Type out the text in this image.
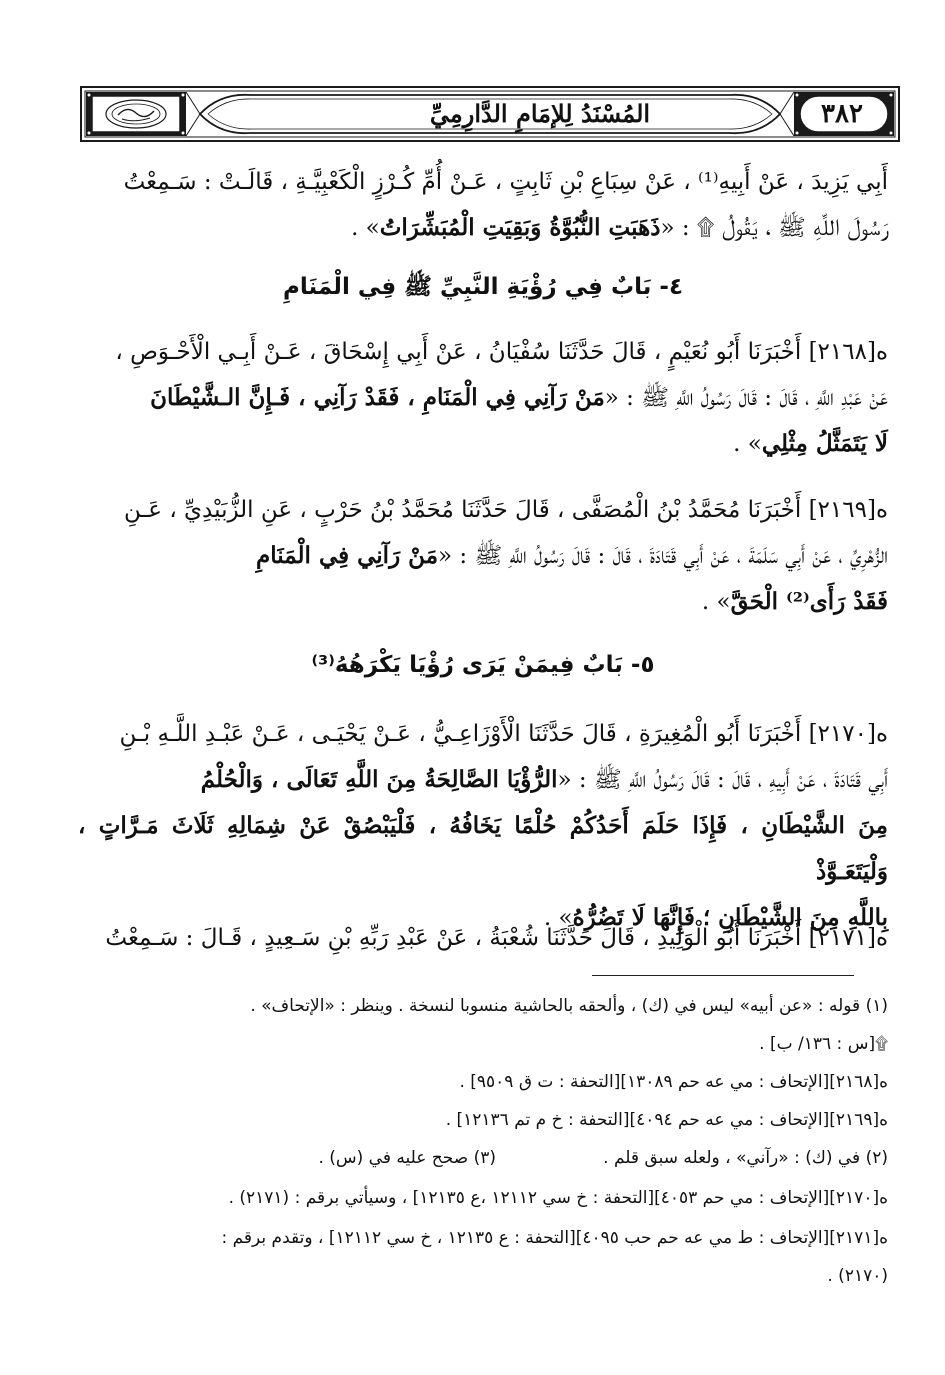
٣٨٢
المُسْنَدُ لِلإمَامِ الدَّارِمِيِّ

أَبِي يَزِيدَ ، عَنْ أَبِيهِ⁽¹⁾ ، عَنْ سِبَاعِ بْنِ ثَابِتٍ ، عَـنْ أُمِّ كُـرْزٍ الْكَعْبِيَّـةِ ، قَالَـتْ : سَـمِعْتُ

رَسُولَ اللَّهِ ﷺ ، يَقُولُ ۩ : «ذَهَبَتِ النُّبُوَّةُ وَبَقِيَتِ الْمُبَشِّرَاتُ» .

٤- بَابٌ فِي رُؤْيَةِ النَّبِيِّ ﷺ فِي الْمَنَامِ

ه[٢١٦٨] أَخْبَرَنَا أَبُو نُعَيْمٍ ، قَالَ حَدَّثَنَا سُفْيَانُ ، عَنْ أَبِي إِسْحَاقَ ، عَـنْ أَبِـي الْأَحْـوَصِ ،

عَنْ عَبْدِ اللَّهِ ، قَالَ : قَالَ رَسُولُ اللَّهِ ﷺ : «مَنْ رَآنِي فِي الْمَنَامِ ، فَقَدْ رَآنِي ، فَـإِنَّ الـشَّيْطَانَ

لَا يَتَمَثَّلُ مِثْلِي» .

ه[٢١٦٩] أَخْبَرَنَا مُحَمَّدُ بْنُ الْمُصَفَّى ، قَالَ حَدَّثَنَا مُحَمَّدُ بْنُ حَرْبٍ ، عَنِ الزُّبَيْدِيِّ ، عَـنِ

الزُّهْرِيِّ ، عَنْ أَبِي سَلَمَةَ ، عَنْ أَبِي قَتَادَةَ ، قَالَ : قَالَ رَسُولُ اللَّهِ ﷺ : «مَنْ رَآنِي فِي الْمَنَامِ

فَقَدْ رَأَى⁽²⁾ الْحَقَّ» .

٥- بَابٌ فِيمَنْ يَرَى رُؤْيَا يَكْرَهُهُ⁽³⁾

ه[٢١٧٠] أَخْبَرَنَا أَبُو الْمُغِيرَةِ ، قَالَ حَدَّثَنَا الْأَوْزَاعِـيُّ ، عَـنْ يَحْيَـى ، عَـنْ عَبْـدِ اللَّـهِ بْـنِ

أَبِي قَتَادَةَ ، عَنْ أَبِيهِ ، قَالَ : قَالَ رَسُولُ اللَّهِ ﷺ : «الرُّؤْيَا الصَّالِحَةُ مِنَ اللَّهِ تَعَالَى ، وَالْحُلْمُ

مِنَ الشَّيْطَانِ ، فَإِذَا حَلَمَ أَحَدُكُمْ حُلْمًا يَخَافُهُ ، فَلْيَبْصُقْ عَنْ شِمَالِهِ ثَلَاثَ مَـرَّاتٍ ، وَلْيَتَعَـوَّذْ

بِاللَّهِ مِنَ الشَّيْطَانِ ؛ فَإِنَّهَا لَا تَضُرُّهُ» .

ه[٢١٧١] أَخْبَرَنَا أَبُو الْوَلِيدِ ، قَالَ حَدَّثَنَا شُعْبَةُ ، عَنْ عَبْدِ رَبِّهِ بْنِ سَـعِيدٍ ، قَـالَ : سَـمِعْتُ

(١) قوله : «عن أبيه» ليس في (ك) ، وألحقه بالحاشية منسوبا لنسخة . وينظر : «الإتحاف» .
۩[س : ١٣٦/ ب] .
ه[٢١٦٨][الإتحاف : مي عه حم ١٣٠٨٩][التحفة : ت ق ٩٥٠٩] .
ه[٢١٦٩][الإتحاف : مي عه حم ٤٠٩٤][التحفة : خ م تم ١٢١٣٦] .
(٢) في (ك) : «رآني» ، ولعله سبق قلم .
(٣) صحح عليه في (س) .
ه[٢١٧٠][الإتحاف : مي حم ٤٠٥٣][التحفة : خ سي ١٢١١٢ ،ع ١٢١٣٥] ، وسيأتي برقم : (٢١٧١) .
ه[٢١٧١][الإتحاف : ط مي عه حم حب ٤٠٩٥][التحفة : ع ١٢١٣٥ ، خ سي ١٢١١٢] ، وتقدم برقم :
(٢١٧٠) .
